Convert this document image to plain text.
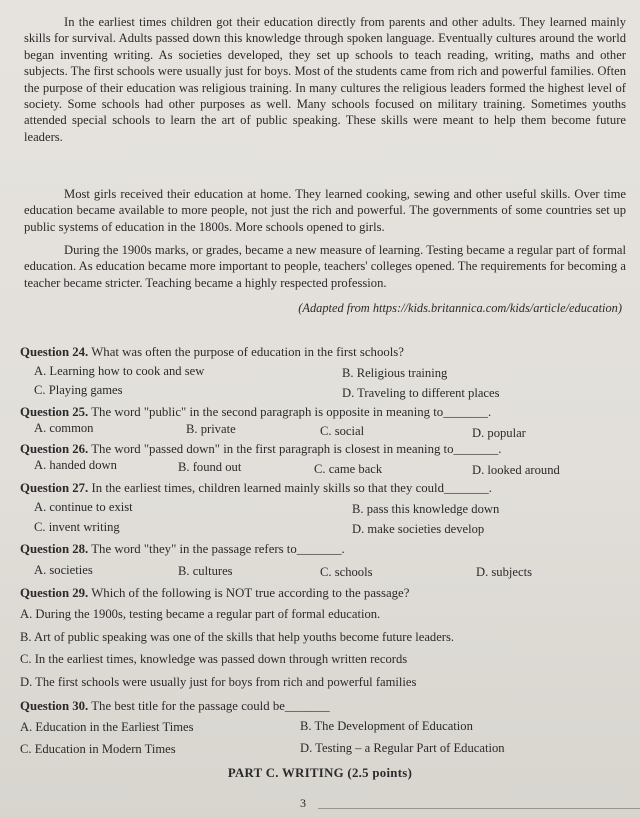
In the earliest times children got their education directly from parents and other adults. They learned mainly skills for survival. Adults passed down this knowledge through spoken language. Eventually cultures around the world began inventing writing. As societies developed, they set up schools to teach reading, writing, maths and other subjects. The first schools were usually just for boys. Most of the students came from rich and powerful families. Often the purpose of their education was religious training. In many cultures the religious leaders formed the highest level of society. Some schools had other purposes as well. Many schools focused on military training. Sometimes youths attended special schools to learn the art of public speaking. These skills were meant to help them become future leaders.
Most girls received their education at home. They learned cooking, sewing and other useful skills. Over time education became available to more people, not just the rich and powerful. The governments of some countries set up public systems of education in the 1800s. More schools opened to girls.
During the 1900s marks, or grades, became a new measure of learning. Testing became a regular part of formal education. As education became more important to people, teachers' colleges opened. The requirements for becoming a teacher became stricter. Teaching became a highly respected profession.
(Adapted from https://kids.britannica.com/kids/article/education)
Question 24. What was often the purpose of education in the first schools?
A. Learning how to cook and sew	B. Religious training
C. Playing games	D. Traveling to different places
Question 25. The word "public" in the second paragraph is opposite in meaning to_______.
A. common	B. private	C. social	D. popular
Question 26. The word "passed down" in the first paragraph is closest in meaning to_______.
A. handed down	B. found out	C. came back	D. looked around
Question 27. In the earliest times, children learned mainly skills so that they could_______.
A. continue to exist	B. pass this knowledge down
C. invent writing	D. make societies develop
Question 28. The word "they" in the passage refers to_______.
A. societies	B. cultures	C. schools	D. subjects
Question 29. Which of the following is NOT true according to the passage?
A. During the 1900s, testing became a regular part of formal education.
B. Art of public speaking was one of the skills that help youths become future leaders.
C. In the earliest times, knowledge was passed down through written records
D. The first schools were usually just for boys from rich and powerful families
Question 30. The best title for the passage could be_______
A. Education in the Earliest Times	B. The Development of Education
C. Education in Modern Times	D. Testing – a Regular Part of Education
PART C. WRITING (2.5 points)
3
